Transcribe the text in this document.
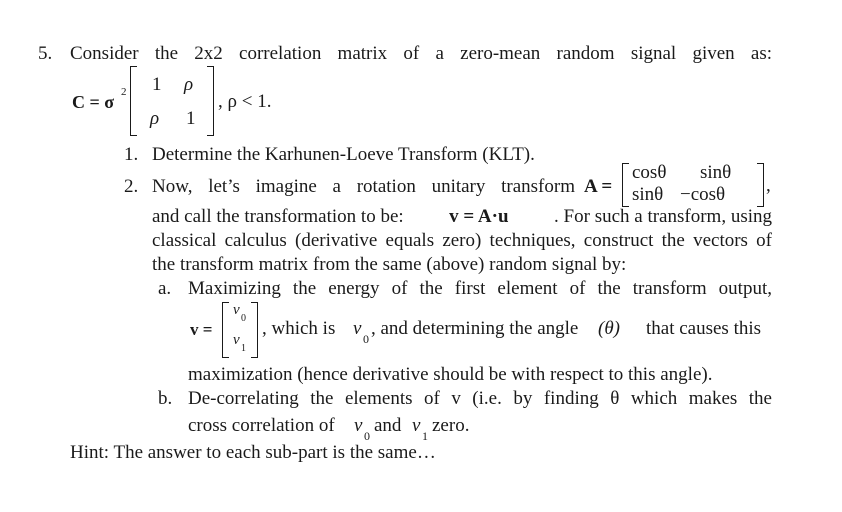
5. Consider the 2x2 correlation matrix of a zero-mean random signal given as:
C = σ 2 1 ρ
ρ 1
, ρ < 1.
1. Determine the Karhunen-Loeve Transform (KLT).
2. Now, let’s imagine a rotation unitary transform A =
cosθ sinθ
sinθ −cosθ ,
and call the transformation to be: v = A·u . For such a transform, using
classical calculus (derivative equals zero) techniques, construct the vectors of
the transform matrix from the same (above) random signal by:
a. Maximizing the energy of the first element of the transform output,
v =
v
0
v
1
, which is v 0 , and determining the angle (θ) that causes this
maximization (hence derivative should be with respect to this angle).
b. De-correlating the elements of v (i.e. by finding θ which makes the
cross correlation of v 0 and v 1 zero.
Hint: The answer to each sub-part is the same…
